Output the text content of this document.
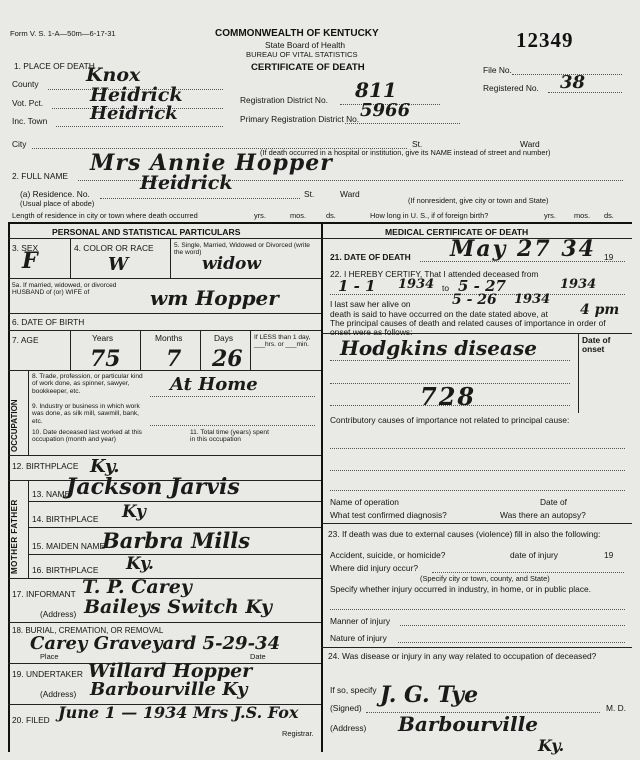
Form V. S. 1-A—50m—6-17-31	COMMONWEALTH OF KENTUCKY
State Board of Health
BUREAU OF VITAL STATISTICS
CERTIFICATE OF DEATH
12349
File No.
Registered No. 38
1. PLACE OF DEATH
County Knox
Vot. Pct. Heidrick
Inc. Town Heidrick
Registration District No. 811
Primary Registration District No. 5966
City	St.	Ward
(If death occurred in a hospital or institution, give its NAME instead of street and number)
2. FULL NAME Mrs Annie Hopper
(a) Residence. No.
(Usual place of abode)
Heidrick	St.	Ward
(If nonresident, give city or town and State)
Length of residence in city or town where death occurred	yrs.	mos.	ds.	How long in U. S., if of foreign birth?	yrs. mos. ds.
PERSONAL AND STATISTICAL PARTICULARS	MEDICAL CERTIFICATE OF DEATH
3. SEX
F	4. COLOR OR RACE
W
5. Single, Married, Widowed or Divorced (write the word)
widow
5a. If married, widowed, or divorced HUSBAND of (or) WIFE of	wm Hopper
6. DATE OF BIRTH
7. AGE	Years	Months	Days	If LESS than 1 day, ___hrs. or ___min.
75 7 26
OCCUPATION
8. Trade, profession, or particular kind of work done, as spinner, sawyer, bookkeeper, etc.	At Home
9. Industry or business in which work was done, as silk mill, sawmill, bank, etc.
10. Date deceased last worked at this occupation (month and year)
11. Total time (years) spent in this occupation
12. BIRTHPLACE Ky.
MOTHER FATHER
13. NAME
Jackson Jarvis
14. BIRTHPLACE Ky
15. MAIDEN NAME
Barbra Mills
16. BIRTHPLACE Ky.
17. INFORMANT T. P. Carey
(Address) Baileys Switch Ky
18. BURIAL, CREMATION, OR REMOVAL
Carey Graveyard 5-29-34
Place	Date
19. UNDERTAKER Willard Hopper
(Address) Barbourville Ky
20. FILED June 1 — 1934 Mrs J.S. Fox
Registrar.
21. DATE OF DEATH May 27 34 19
22. I HEREBY CERTIFY, That I attended deceased from
1 - 1 1934 to 5 - 27	1934
I last saw her alive on	5 - 26 1934
death is said to have occurred on the date stated above, at 4 pm
The principal causes of death and related causes of importance in order of onset were as follows:
Date of onset
Hodgkins disease
728
Contributory causes of importance not related to principal cause:
Name of operation	Date of
What test confirmed diagnosis?	Was there an autopsy?
23. If death was due to external causes (violence) fill in also the following:
Accident, suicide, or homicide?	date of injury	19
Where did injury occur?
(Specify city or town, county, and State)
Specify whether injury occurred in industry, in home, or in public place.
Manner of injury
Nature of injury
24. Was disease or injury in any way related to occupation of deceased?
If so, specify
(Signed) J. G. Tye	M. D.
(Address) Barbourville
Ky.
